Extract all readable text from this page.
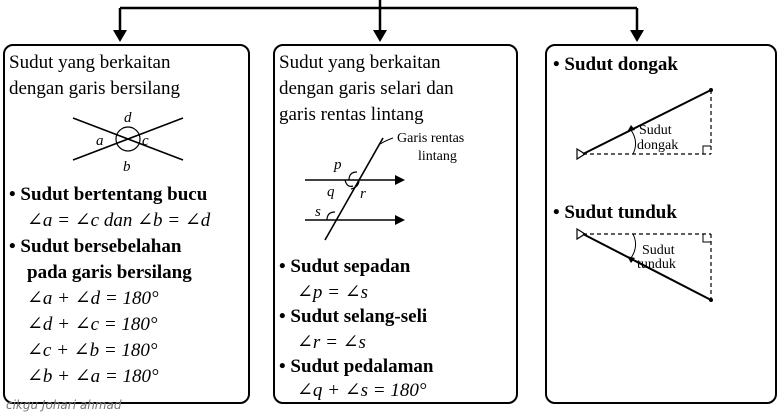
Sudut yang berkaitan
dengan garis bersilang
d
a	c
b
• Sudut bertentang bucu
∠a = ∠c dan ∠b = ∠d
• Sudut bersebelahan
pada garis bersilang
∠a + ∠d = 180°
∠d + ∠c = 180°
∠c + ∠b = 180°
∠b + ∠a = 180°
Sudut yang berkaitan
dengan garis selari dan
garis rentas lintang
p
q r
s
Garis rentas
lintang
• Sudut sepadan
∠p = ∠s
• Sudut selang-seli
∠r = ∠s
• Sudut pedalaman
∠q + ∠s = 180°
• Sudut dongak
Sudut
dongak
• Sudut tunduk
Sudut
tunduk
cikgu Johari ahmad
